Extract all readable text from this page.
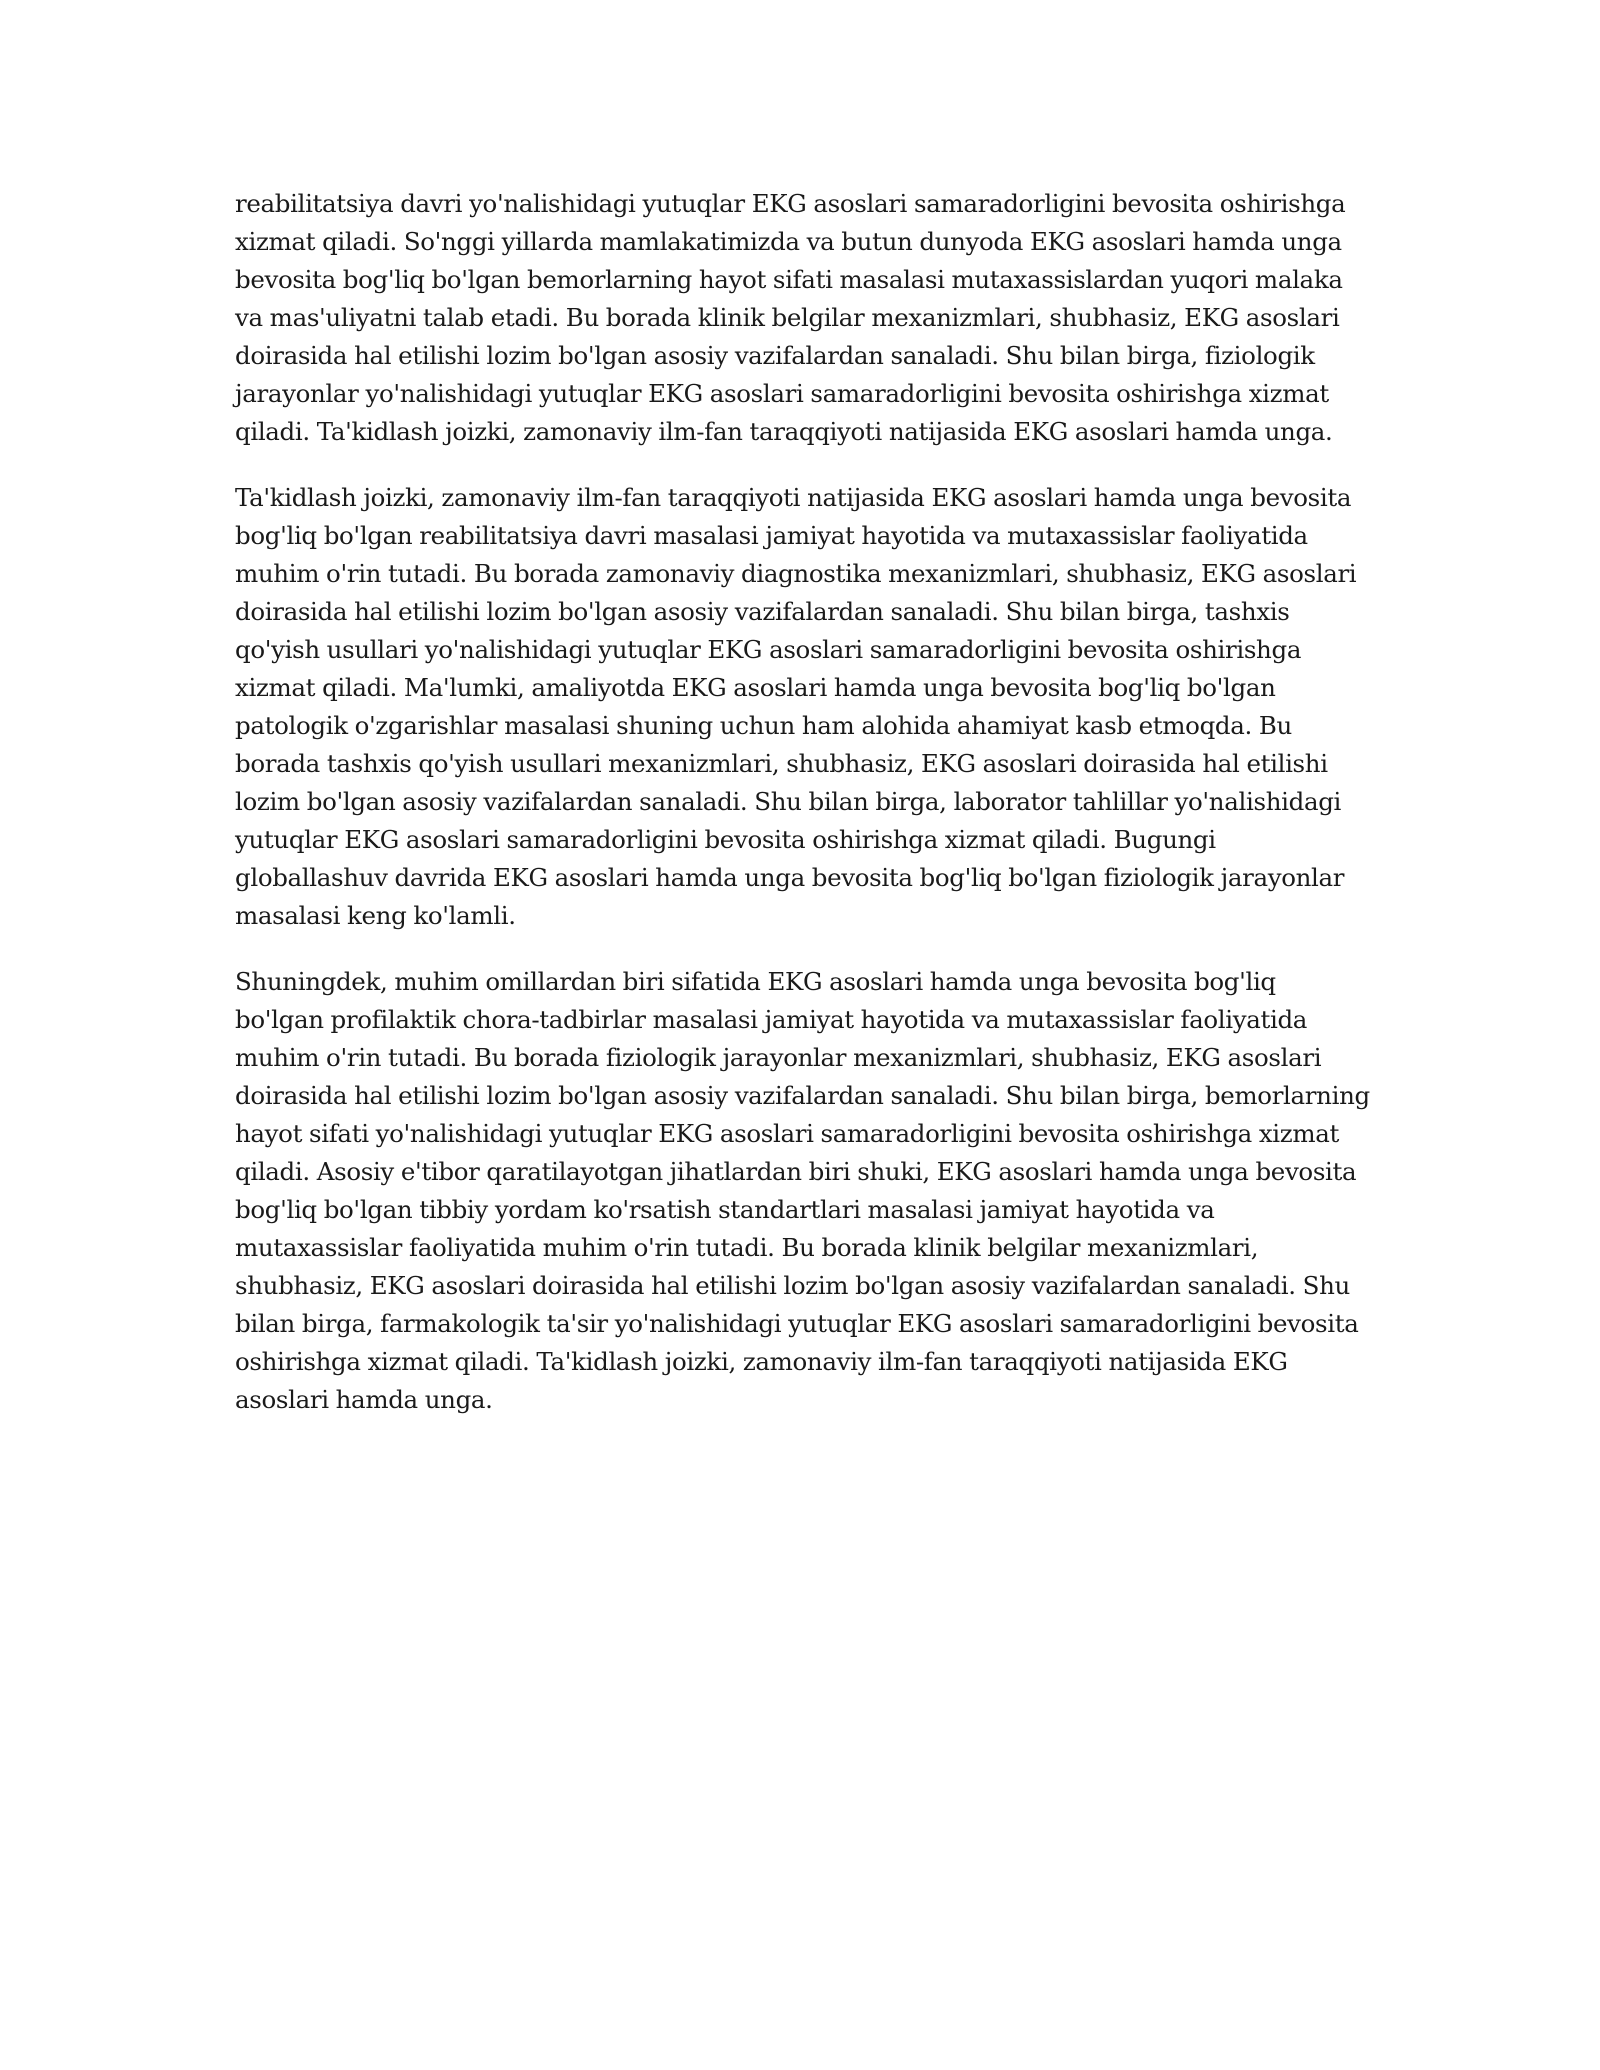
reabilitatsiya davri yo'nalishidagi yutuqlar EKG asoslari samaradorligini bevosita oshirishga xizmat qiladi. So'nggi yillarda mamlakatimizda va butun dunyoda EKG asoslari hamda unga bevosita bog'liq bo'lgan bemorlarning hayot sifati masalasi mutaxassislardan yuqori malaka va mas'uliyatni talab etadi. Bu borada klinik belgilar mexanizmlari, shubhasiz, EKG asoslari doirasida hal etilishi lozim bo'lgan asosiy vazifalardan sanaladi. Shu bilan birga, fiziologik jarayonlar yo'nalishidagi yutuqlar EKG asoslari samaradorligini bevosita oshirishga xizmat qiladi. Ta'kidlash joizki, zamonaviy ilm-fan taraqqiyoti natijasida EKG asoslari hamda unga.

Ta'kidlash joizki, zamonaviy ilm-fan taraqqiyoti natijasida EKG asoslari hamda unga bevosita bog'liq bo'lgan reabilitatsiya davri masalasi jamiyat hayotida va mutaxassislar faoliyatida muhim o'rin tutadi. Bu borada zamonaviy diagnostika mexanizmlari, shubhasiz, EKG asoslari doirasida hal etilishi lozim bo'lgan asosiy vazifalardan sanaladi. Shu bilan birga, tashxis qo'yish usullari yo'nalishidagi yutuqlar EKG asoslari samaradorligini bevosita oshirishga xizmat qiladi. Ma'lumki, amaliyotda EKG asoslari hamda unga bevosita bog'liq bo'lgan patologik o'zgarishlar masalasi shuning uchun ham alohida ahamiyat kasb etmoqda. Bu borada tashxis qo'yish usullari mexanizmlari, shubhasiz, EKG asoslari doirasida hal etilishi lozim bo'lgan asosiy vazifalardan sanaladi. Shu bilan birga, laborator tahlillar yo'nalishidagi yutuqlar EKG asoslari samaradorligini bevosita oshirishga xizmat qiladi. Bugungi globallashuv davrida EKG asoslari hamda unga bevosita bog'liq bo'lgan fiziologik jarayonlar masalasi keng ko'lamli.

Shuningdek, muhim omillardan biri sifatida EKG asoslari hamda unga bevosita bog'liq bo'lgan profilaktik chora-tadbirlar masalasi jamiyat hayotida va mutaxassislar faoliyatida muhim o'rin tutadi. Bu borada fiziologik jarayonlar mexanizmlari, shubhasiz, EKG asoslari doirasida hal etilishi lozim bo'lgan asosiy vazifalardan sanaladi. Shu bilan birga, bemorlarning hayot sifati yo'nalishidagi yutuqlar EKG asoslari samaradorligini bevosita oshirishga xizmat qiladi. Asosiy e'tibor qaratilayotgan jihatlardan biri shuki, EKG asoslari hamda unga bevosita bog'liq bo'lgan tibbiy yordam ko'rsatish standartlari masalasi jamiyat hayotida va mutaxassislar faoliyatida muhim o'rin tutadi. Bu borada klinik belgilar mexanizmlari, shubhasiz, EKG asoslari doirasida hal etilishi lozim bo'lgan asosiy vazifalardan sanaladi. Shu bilan birga, farmakologik ta'sir yo'nalishidagi yutuqlar EKG asoslari samaradorligini bevosita oshirishga xizmat qiladi. Ta'kidlash joizki, zamonaviy ilm-fan taraqqiyoti natijasida EKG asoslari hamda unga.
